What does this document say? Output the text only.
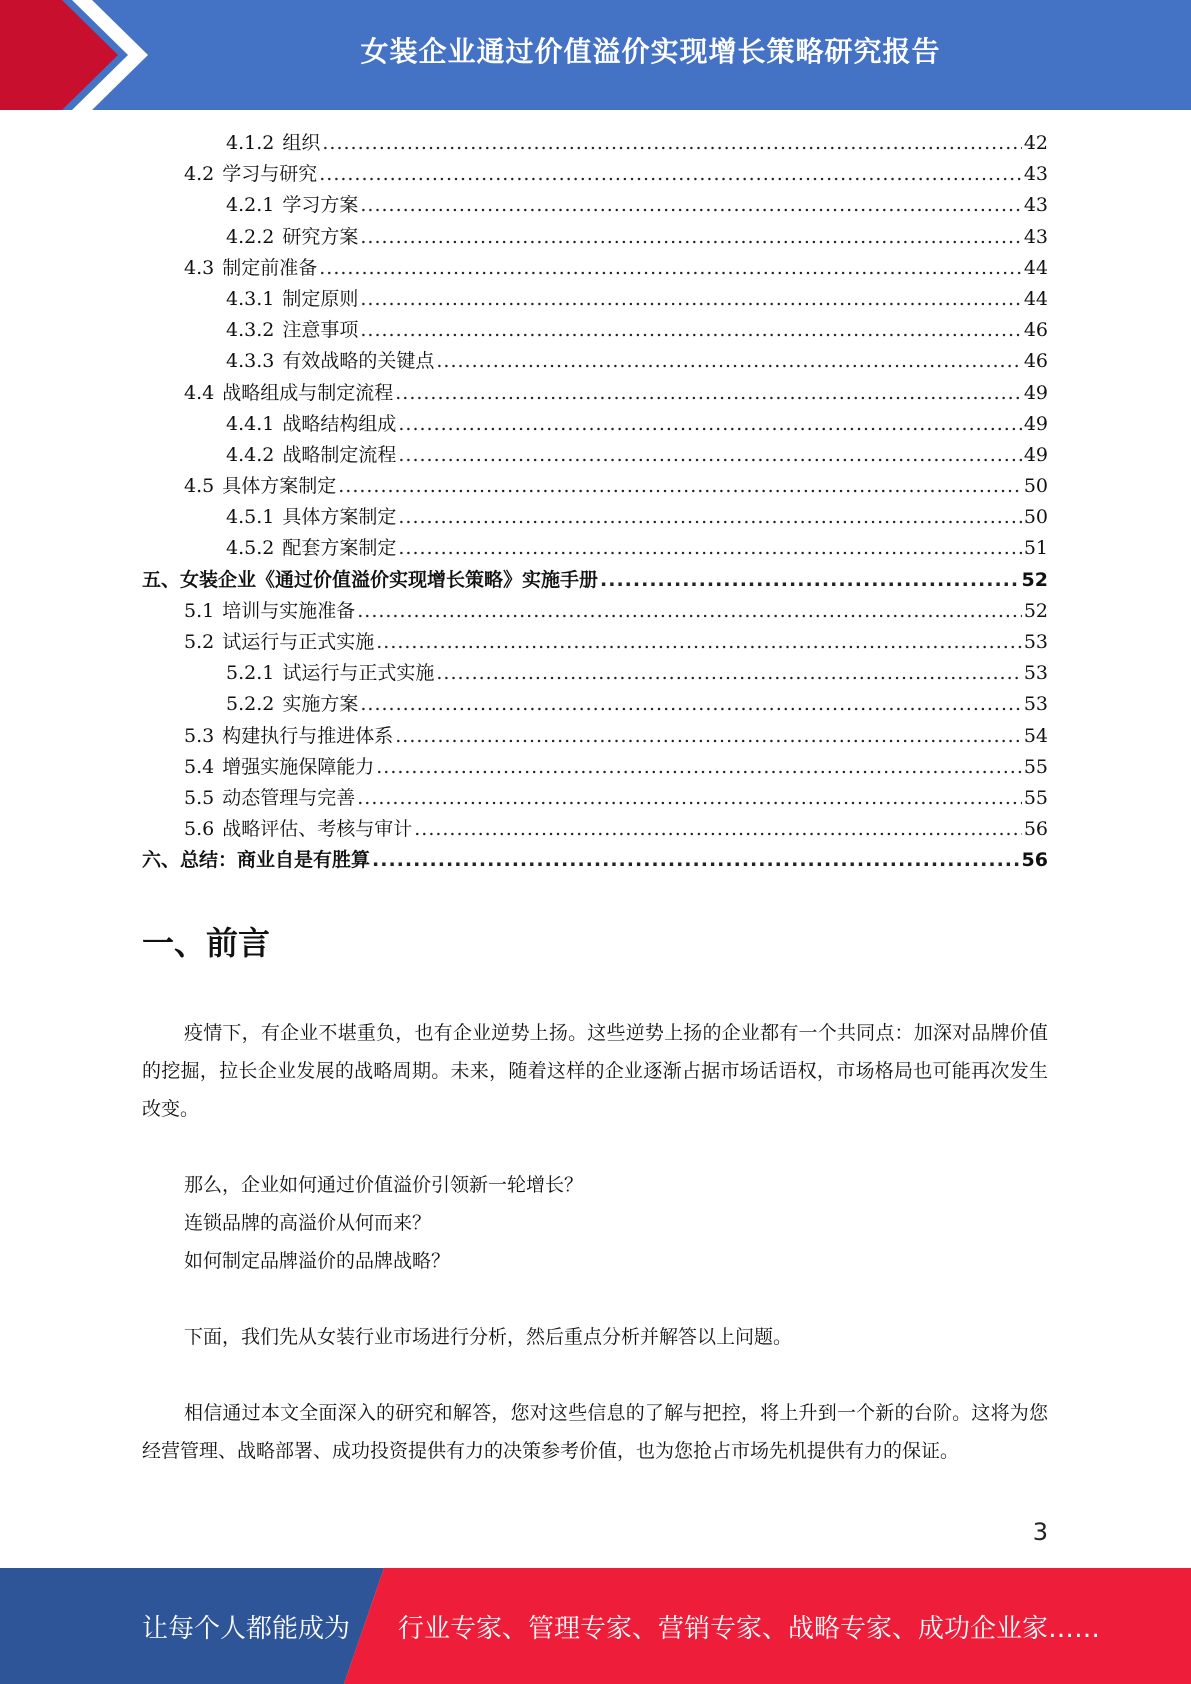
女装企业通过价值溢价实现增长策略研究报告
4.1.2 组织 .....	42
4.2 学习与研究 .....	43
4.2.1 学习方案 .....	43
4.2.2 研究方案 .....	43
4.3 制定前准备 .....	44
4.3.1 制定原则 .....	44
4.3.2 注意事项 .....	46
4.3.3 有效战略的关键点 .....	46
4.4 战略组成与制定流程 .....	49
4.4.1 战略结构组成 .....	49
4.4.2 战略制定流程 .....	49
4.5 具体方案制定 .....	50
4.5.1 具体方案制定 .....	50
4.5.2 配套方案制定 .....	51
五、女装企业《通过价值溢价实现增长策略》实施手册 .....	52
5.1 培训与实施准备 .....	52
5.2 试运行与正式实施 .....	53
5.2.1 试运行与正式实施 .....	53
5.2.2 实施方案 .....	53
5.3 构建执行与推进体系 .....	54
5.4 增强实施保障能力 .....	55
5.5 动态管理与完善 .....	55
5.6 战略评估、考核与审计 .....	56
六、总结：商业自是有胜算 .....	56
一、前言

疫情下，有企业不堪重负，也有企业逆势上扬。这些逆势上扬的企业都有一个共同点：加深对品牌价值的挖掘，拉长企业发展的战略周期。未来，随着这样的企业逐渐占据市场话语权，市场格局也可能再次发生改变。

那么，企业如何通过价值溢价引领新一轮增长？

连锁品牌的高溢价从何而来？

如何制定品牌溢价的品牌战略？

下面，我们先从女装行业市场进行分析，然后重点分析并解答以上问题。

相信通过本文全面深入的研究和解答，您对这些信息的了解与把控，将上升到一个新的台阶。这将为您经营管理、战略部署、成功投资提供有力的决策参考价值，也为您抢占市场先机提供有力的保证。

3
让每个人都能成为 行业专家、管理专家、营销专家、战略专家、成功企业家……
